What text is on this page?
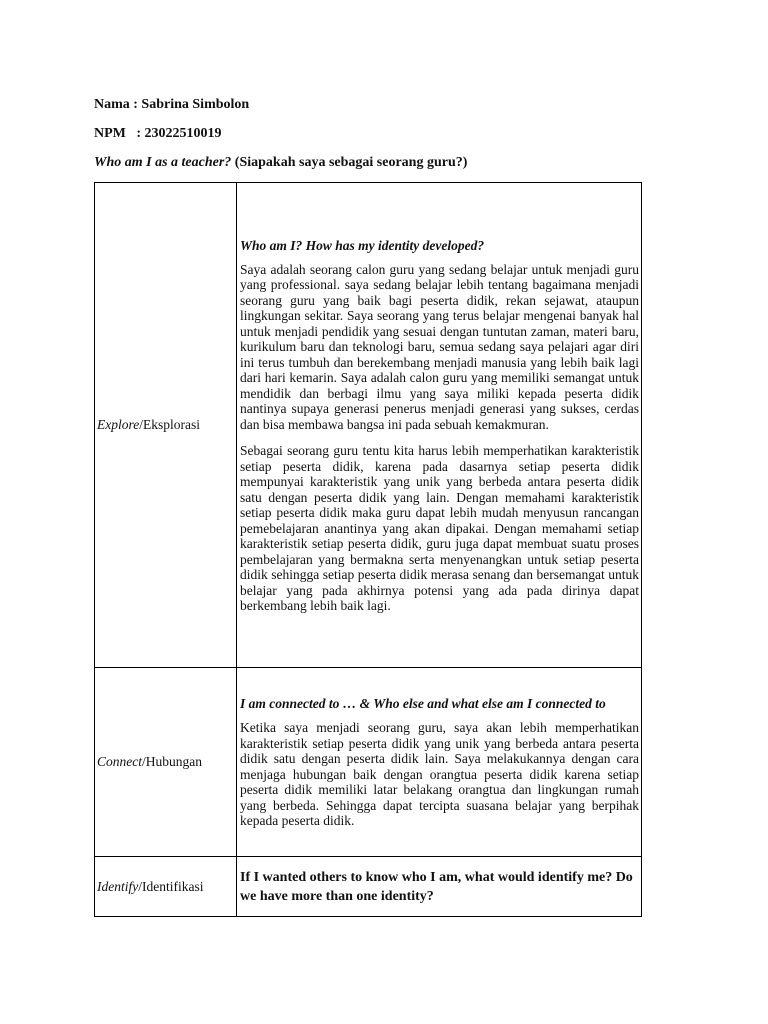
Nama : Sabrina Simbolon
NPM : 23022510019
Who am I as a teacher? (Siapakah saya sebagai seorang guru?)
Explore/Eksplorasi	Who am I? How has my identity developed?
Saya adalah seorang calon guru yang sedang belajar untuk menjadi guru yang professional. saya sedang belajar lebih tentang bagaimana menjadi seorang guru yang baik bagi peserta didik, rekan sejawat, ataupun lingkungan sekitar. Saya seorang yang terus belajar mengenai banyak hal untuk menjadi pendidik yang sesuai dengan tuntutan zaman, materi baru, kurikulum baru dan teknologi baru, semua sedang saya pelajari agar diri ini terus tumbuh dan berekembang menjadi manusia yang lebih baik lagi dari hari kemarin. Saya adalah calon guru yang memiliki semangat untuk mendidik dan berbagi ilmu yang saya miliki kepada peserta didik nantinya supaya generasi penerus menjadi generasi yang sukses, cerdas dan bisa membawa bangsa ini pada sebuah kemakmuran.
Sebagai seorang guru tentu kita harus lebih memperhatikan karakteristik setiap peserta didik, karena pada dasarnya setiap peserta didik mempunyai karakteristik yang unik yang berbeda antara peserta didik satu dengan peserta didik yang lain. Dengan memahami karakteristik setiap peserta didik maka guru dapat lebih mudah menyusun rancangan pemebelajaran anantinya yang akan dipakai. Dengan memahami setiap karakteristik setiap peserta didik, guru juga dapat membuat suatu proses pembelajaran yang bermakna serta menyenangkan untuk setiap peserta didik sehingga setiap peserta didik merasa senang dan bersemangat untuk belajar yang pada akhirnya potensi yang ada pada dirinya dapat berkembang lebih baik lagi.

Connect/Hubungan	I am connected to … & Who else and what else am I connected to
Ketika saya menjadi seorang guru, saya akan lebih memperhatikan karakteristik setiap peserta didik yang unik yang berbeda antara peserta didik satu dengan peserta didik lain. Saya melakukannya dengan cara menjaga hubungan baik dengan orangtua peserta didik karena setiap peserta didik memiliki latar belakang orangtua dan lingkungan rumah yang berbeda. Sehingga dapat tercipta suasana belajar yang berpihak kepada peserta didik.

Identify/Identifikasi	If I wanted others to know who I am, what would identify me? Do we have more than one identity?
